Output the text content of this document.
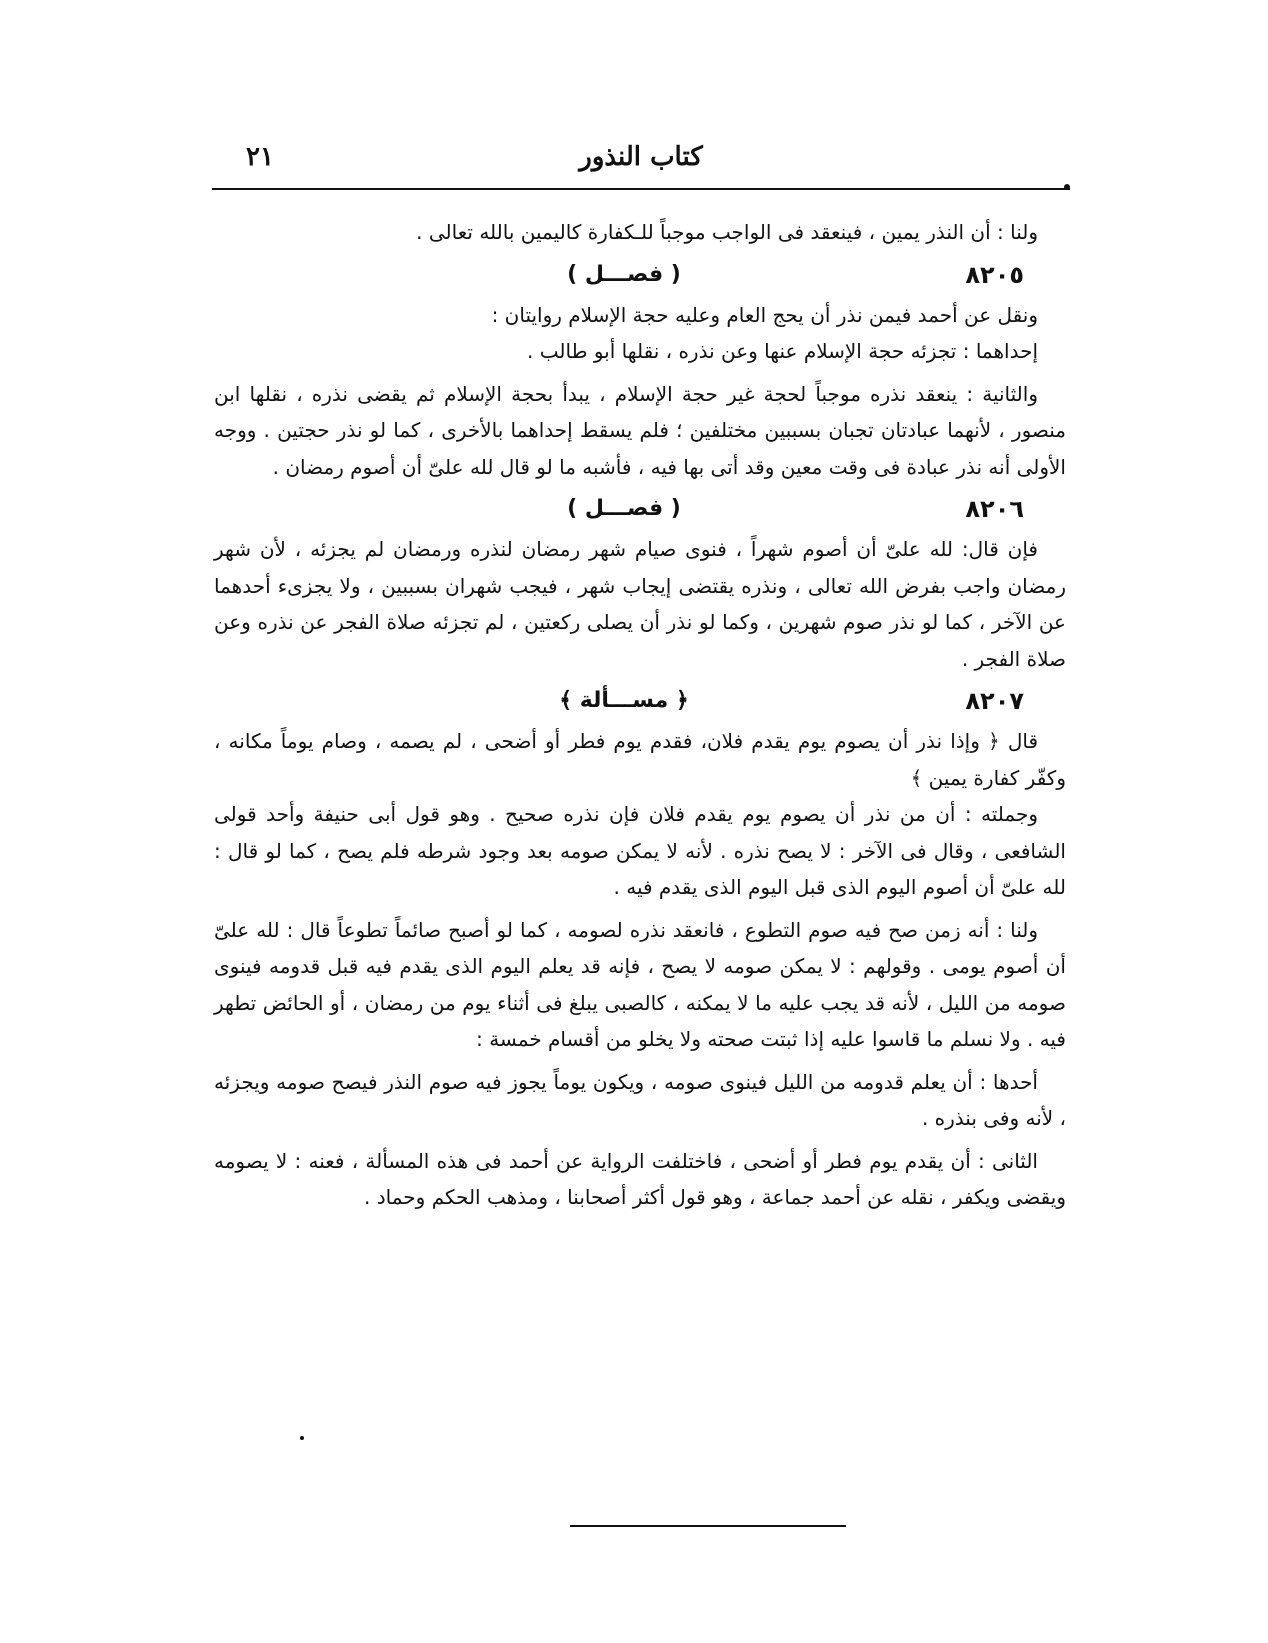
كتاب النذور
٢١

ولنا : أن النذر يمين ، فينعقد فى الواجب موجباً للـكفارة كاليمين بالله تعالى .

٨٢٠٥
( فصـــل )

ونقل عن أحمد فيمن نذر أن يحج العام وعليه حجة الإسلام روايتان :

إحداهما : تجزئه حجة الإسلام عنها وعن نذره ، نقلها أبو طالب .

والثانية : ينعقد نذره موجباً لحجة غير حجة الإسلام ، يبدأ بحجة الإسلام ثم يقضى نذره ، نقلها ابن منصور ، لأنهما عبادتان تجبان بسببين مختلفين ؛ فلم يسقط إحداهما بالأخرى ، كما لو نذر حجتين . ووجه الأولى أنه نذر عبادة فى وقت معين وقد أتى بها فيه ، فأشبه ما لو قال لله علىّ أن أصوم رمضان .

٨٢٠٦
( فصـــل )

فإن قال: لله علىّ أن أصوم شهراً ، فنوى صيام شهر رمضان لنذره ورمضان لم يجزئه ، لأن شهر رمضان واجب بفرض الله تعالى ، ونذره يقتضى إيجاب شهر ، فيجب شهران بسببين ، ولا يجزىء أحدهما عن الآخر ، كما لو نذر صوم شهرين ، وكما لو نذر أن يصلى ركعتين ، لم تجزئه صلاة الفجر عن نذره وعن صلاة الفجر .

٨٢٠٧
﴿ مســـألة ﴾

قال ﴿ وإذا نذر أن يصوم يوم يقدم فلان، فقدم يوم فطر أو أضحى ، لم يصمه ، وصام يوماً مكانه ، وكفّر كفارة يمين ﴾

وجملته : أن من نذر أن يصوم يوم يقدم فلان فإن نذره صحيح . وهو قول أبى حنيفة وأحد قولى الشافعى ، وقال فى الآخر : لا يصح نذره . لأنه لا يمكن صومه بعد وجود شرطه فلم يصح ، كما لو قال : لله علىّ أن أصوم اليوم الذى قبل اليوم الذى يقدم فيه .

ولنا : أنه زمن صح فيه صوم التطوع ، فانعقد نذره لصومه ، كما لو أصبح صائماً تطوعاً قال : لله علىّ أن أصوم يومى . وقولهم : لا يمكن صومه لا يصح ، فإنه قد يعلم اليوم الذى يقدم فيه قبل قدومه فينوى صومه من الليل ، لأنه قد يجب عليه ما لا يمكنه ، كالصبى يبلغ فى أثناء يوم من رمضان ، أو الحائض تطهر فيه . ولا نسلم ما قاسوا عليه إذا ثبتت صحته ولا يخلو من أقسام خمسة :

أحدها : أن يعلم قدومه من الليل فينوى صومه ، ويكون يوماً يجوز فيه صوم النذر فيصح صومه ويجزئه ، لأنه وفى بنذره .

الثانى : أن يقدم يوم فطر أو أضحى ، فاختلفت الرواية عن أحمد فى هذه المسألة ، فعنه : لا يصومه ويقضى ويكفر ، نقله عن أحمد جماعة ، وهو قول أكثر أصحابنا ، ومذهب الحكم وحماد .
